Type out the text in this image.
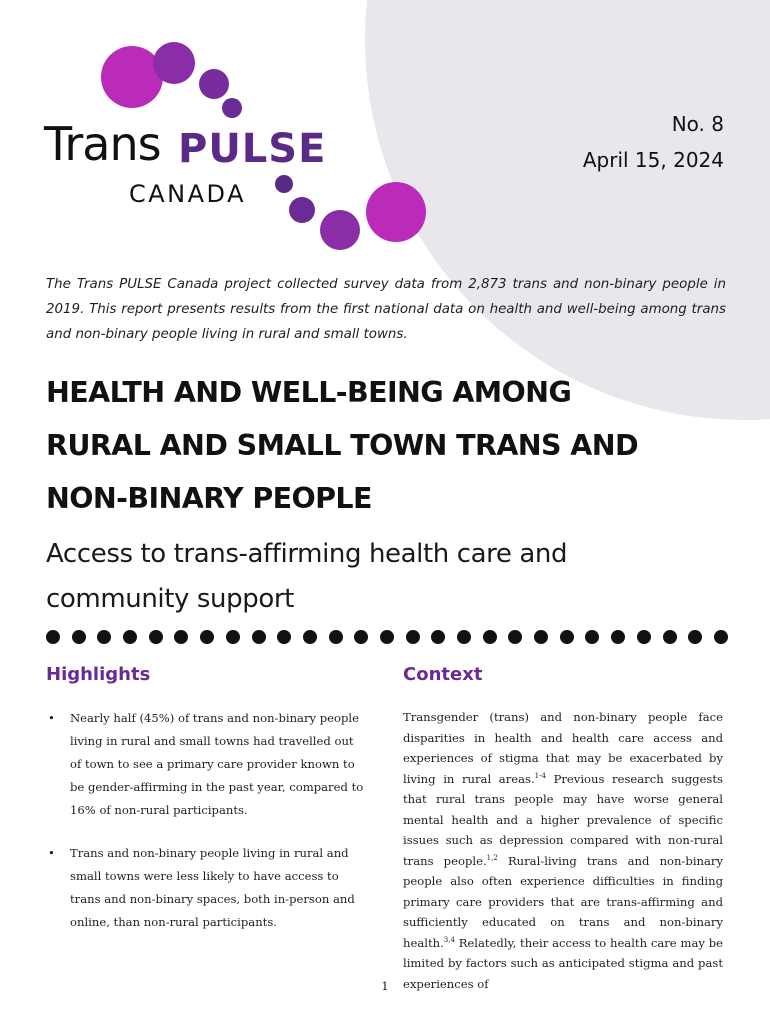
Trans PULSE
CANADA
No. 8
April 15, 2024

The Trans PULSE Canada project collected survey data from 2,873 trans and non-binary people in 2019. This report presents results from the first national data on health and well-being among trans and non-binary people living in rural and small towns.

HEALTH AND WELL-BEING AMONG
RURAL AND SMALL TOWN TRANS AND
NON-BINARY PEOPLE
Access to trans-affirming health care and
community support
Highlights	Context
• Nearly half (45%) of trans and non-binary people living in rural and small towns had travelled out of town to see a primary care provider known to be gender-affirming in the past year, compared to 16% of non-rural participants.
• Trans and non-binary people living in rural and small towns were less likely to have access to trans and non-binary spaces, both in-person and online, than non-rural participants.

Transgender (trans) and non-binary people face disparities in health and health care access and experiences of stigma that may be exacerbated by living in rural areas.$^{1-4}$ Previous research suggests that rural trans people may have worse general mental health and a higher prevalence of specific issues such as depression compared with non-rural trans people.$^{1,2}$ Rural-living trans and non-binary people also often experience difficulties in finding primary care providers that are trans-affirming and sufficiently educated on trans and non-binary health.$^{3,4}$ Relatedly, their access to health care may be limited by factors such as anticipated stigma and past experiences of

1
